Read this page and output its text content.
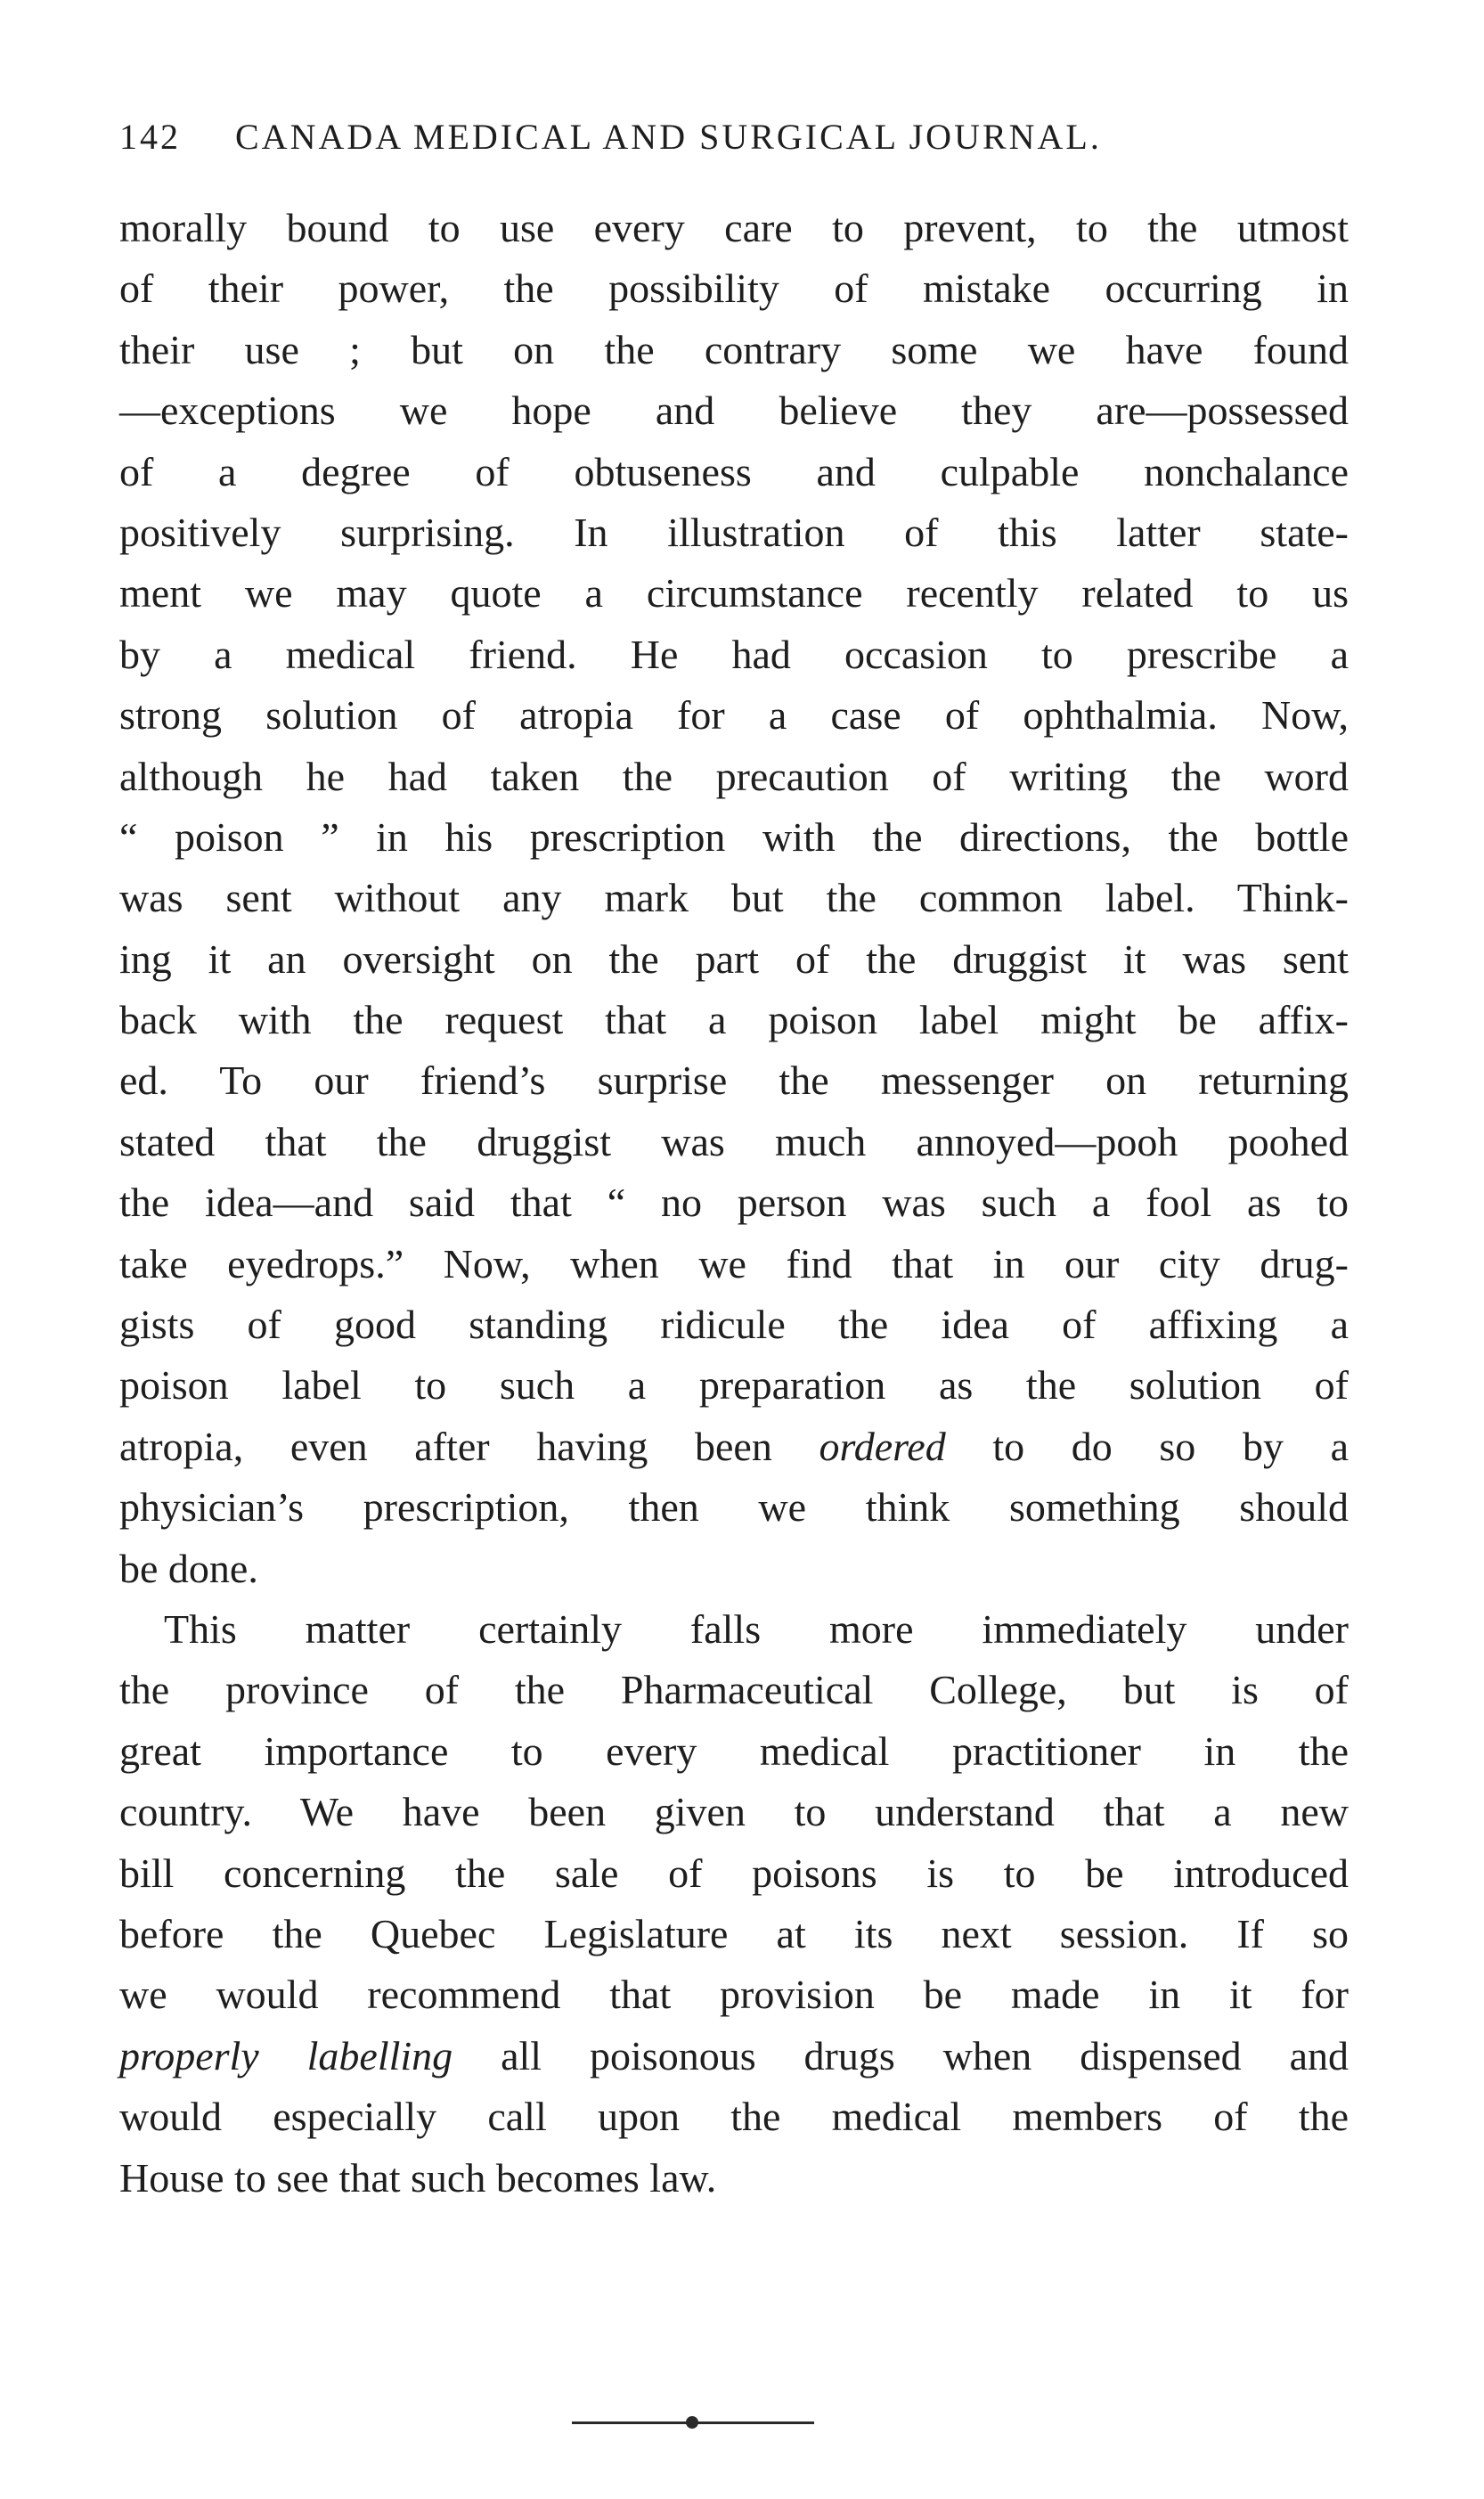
142 CANADA MEDICAL AND SURGICAL JOURNAL.
morally bound to use every care to prevent, to the utmost
of their power, the possibility of mistake occurring in
their use ; but on the contrary some we have found
—exceptions we hope and believe they are—possessed
of a degree of obtuseness and culpable nonchalance
positively surprising. In illustration of this latter state-
ment we may quote a circumstance recently related to us
by a medical friend. He had occasion to prescribe a
strong solution of atropia for a case of ophthalmia. Now,
although he had taken the precaution of writing the word
“ poison ” in his prescription with the directions, the bottle
was sent without any mark but the common label. Think-
ing it an oversight on the part of the druggist it was sent
back with the request that a poison label might be affix-
ed. To our friend’s surprise the messenger on returning
stated that the druggist was much annoyed—pooh poohed
the idea—and said that “ no person was such a fool as to
take eyedrops.” Now, when we find that in our city drug-
gists of good standing ridicule the idea of affixing a
poison label to such a preparation as the solution of
atropia, even after having been ordered to do so by a
physician’s prescription, then we think something should
be done.
This matter certainly falls more immediately under
the province of the Pharmaceutical College, but is of
great importance to every medical practitioner in the
country. We have been given to understand that a new
bill concerning the sale of poisons is to be introduced
before the Quebec Legislature at its next session. If so
we would recommend that provision be made in it for
properly labelling all poisonous drugs when dispensed and
would especially call upon the medical members of the
House to see that such becomes law.
